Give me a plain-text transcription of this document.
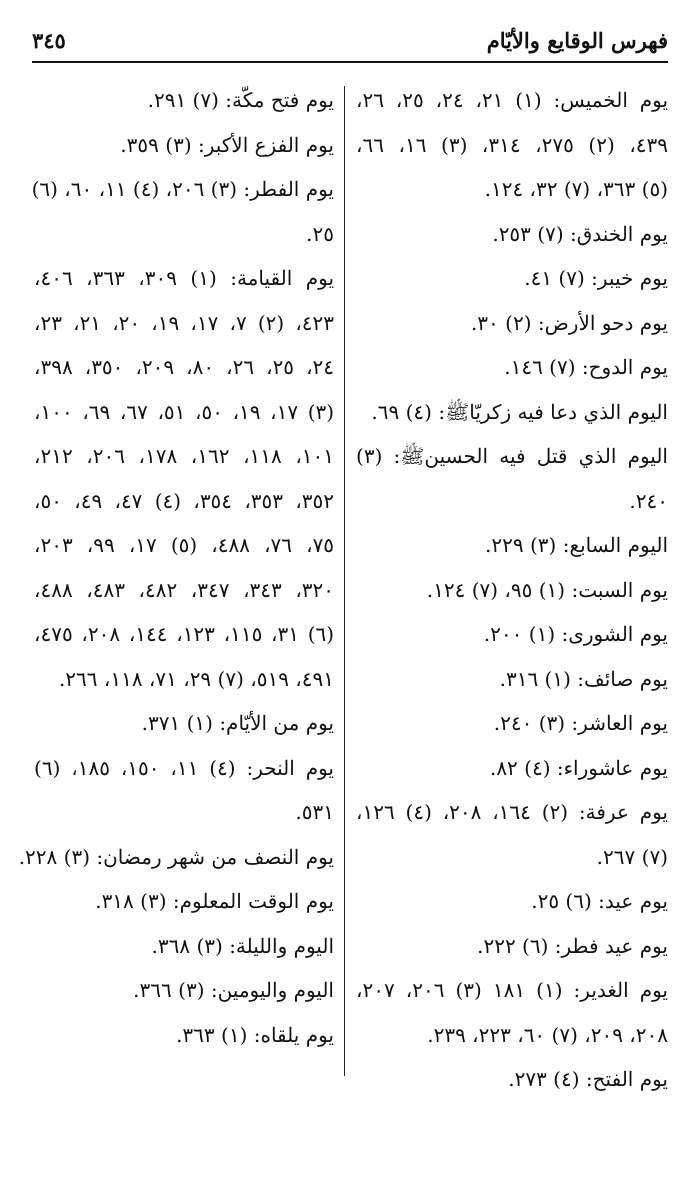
فهرس الوقايع والأيّام
٣٤٥
يوم الخميس: (١) ٢١، ٢٤، ٢٥، ٢٦،
٤٣٩، (٢) ٢٧٥، ٣١٤، (٣) ١٦، ٦٦،
(٥) ٣٦٣، (٧) ٣٢، ١٢٤.
يوم الخندق: (٧) ٢٥٣.
يوم خيبر: (٧) ٤١.
يوم دحو الأرض: (٢) ٣٠.
يوم الدوح: (٧) ١٤٦.
اليوم الذي دعا فيه زكريّاﷺ: (٤) ٦٩.
اليوم الذي قتل فيه الحسينﷺ: (٣)
٢٤٠.
اليوم السابع: (٣) ٢٢٩.
يوم السبت: (١) ٩٥، (٧) ١٢٤.
يوم الشورى: (١) ٢٠٠.
يوم صائف: (١) ٣١٦.
يوم العاشر: (٣) ٢٤٠.
يوم عاشوراء: (٤) ٨٢.
يوم عرفة: (٢) ١٦٤، ٢٠٨، (٤) ١٢٦،
(٧) ٢٦٧.
يوم عيد: (٦) ٢٥.
يوم عيد فطر: (٦) ٢٢٢.
يوم الغدير: (١) ١٨١ (٣) ٢٠٦، ٢٠٧،
٢٠٨، ٢٠٩، (٧) ٦٠، ٢٢٣، ٢٣٩.
يوم الفتح: (٤) ٢٧٣.
يوم فتح مكّة: (٧) ٢٩١.
يوم الفزع الأكبر: (٣) ٣٥٩.
يوم الفطر: (٣) ٢٠٦، (٤) ١١، ٦٠، (٦)
٢٥.
يوم القيامة: (١) ٣٠٩، ٣٦٣، ٤٠٦،
٤٢٣، (٢) ٧، ١٧، ١٩، ٢٠، ٢١، ٢٣،
٢٤، ٢٥، ٢٦، ٨٠، ٢٠٩، ٣٥٠، ٣٩٨،
(٣) ١٧، ١٩، ٥٠، ٥١، ٦٧، ٦٩، ١٠٠،
١٠١، ١١٨، ١٦٢، ١٧٨، ٢٠٦، ٢١٢،
٣٥٢، ٣٥٣، ٣٥٤، (٤) ٤٧، ٤٩، ٥٠،
٧٥، ٧٦، ٤٨٨، (٥) ١٧، ٩٩، ٢٠٣،
٣٢٠، ٣٤٣، ٣٤٧، ٤٨٢، ٤٨٣، ٤٨٨،
(٦) ٣١، ١١٥، ١٢٣، ١٤٤، ٢٠٨، ٤٧٥،
٤٩١، ٥١٩، (٧) ٢٩، ٧١، ١١٨، ٢٦٦.
يوم من الأيّام: (١) ٣٧١.
يوم النحر: (٤) ١١، ١٥٠، ١٨٥، (٦)
٥٣١.
يوم النصف من شهر رمضان: (٣) ٢٢٨.
يوم الوقت المعلوم: (٣) ٣١٨.
اليوم والليلة: (٣) ٣٦٨.
اليوم واليومين: (٣) ٣٦٦.
يوم يلقاه: (١) ٣٦٣.
